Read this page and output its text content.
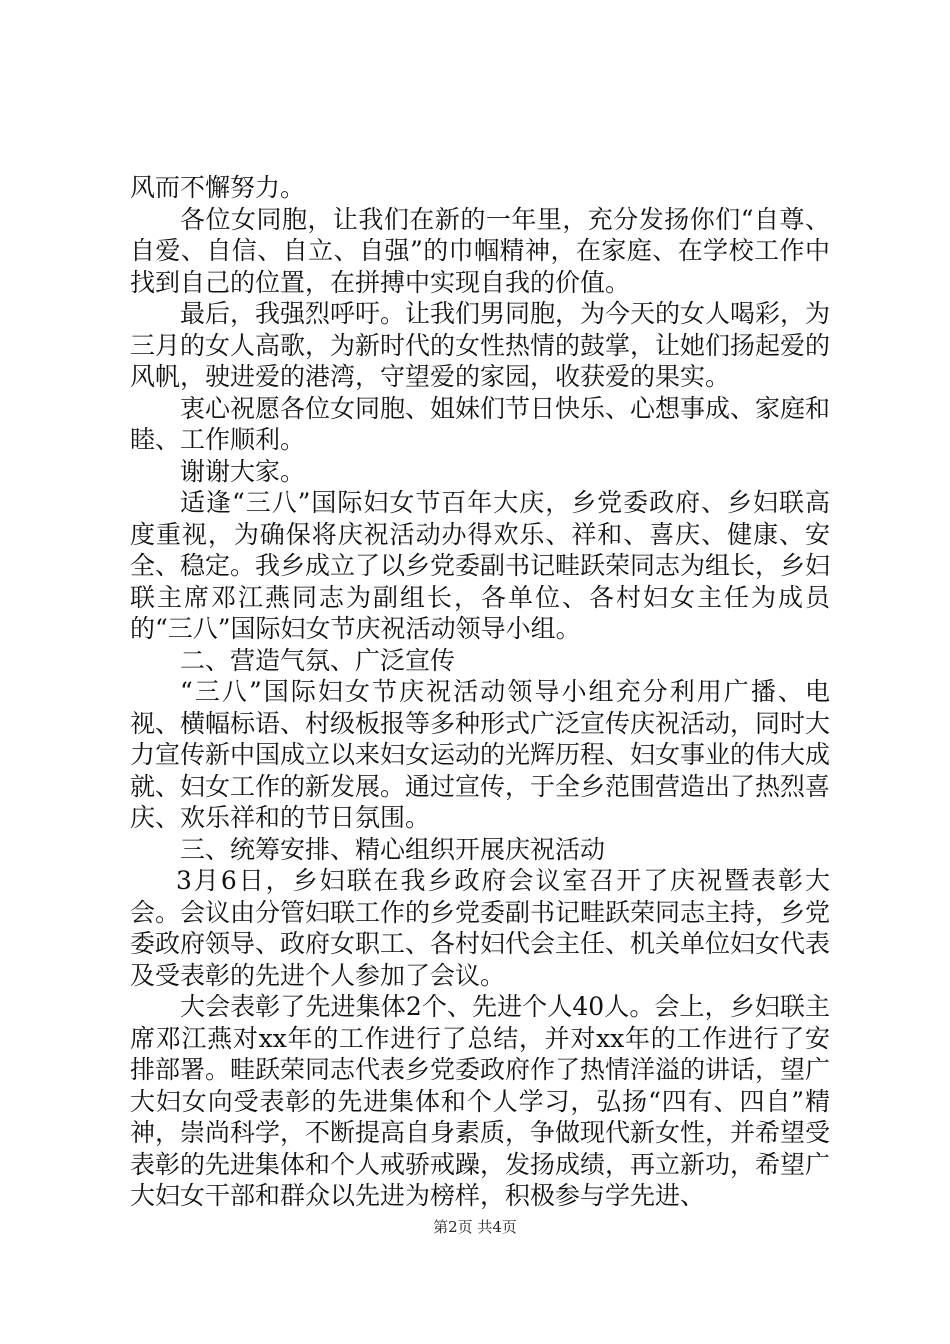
风而不懈努力。

各位女同胞，让我们在新的一年里，充分发扬你们“自尊、自爱、自信、自立、自强”的巾帼精神，在家庭、在学校工作中找到自己的位置，在拼搏中实现自我的价值。

最后，我强烈呼吁。让我们男同胞，为今天的女人喝彩，为三月的女人高歌，为新时代的女性热情的鼓掌，让她们扬起爱的风帆，驶进爱的港湾，守望爱的家园，收获爱的果实。

衷心祝愿各位女同胞、姐妹们节日快乐、心想事成、家庭和睦、工作顺利。

谢谢大家。

适逢“三八”国际妇女节百年大庆，乡党委政府、乡妇联高度重视，为确保将庆祝活动办得欢乐、祥和、喜庆、健康、安全、稳定。我乡成立了以乡党委副书记畦跃荣同志为组长，乡妇联主席邓江燕同志为副组长，各单位、各村妇女主任为成员的“三八”国际妇女节庆祝活动领导小组。

二、营造气氛、广泛宣传

“三八”国际妇女节庆祝活动领导小组充分利用广播、电视、横幅标语、村级板报等多种形式广泛宣传庆祝活动，同时大力宣传新中国成立以来妇女运动的光辉历程、妇女事业的伟大成就、妇女工作的新发展。通过宣传，于全乡范围营造出了热烈喜庆、欢乐祥和的节日氛围。

三、统筹安排、精心组织开展庆祝活动

3月6日，乡妇联在我乡政府会议室召开了庆祝暨表彰大会。会议由分管妇联工作的乡党委副书记畦跃荣同志主持，乡党委政府领导、政府女职工、各村妇代会主任、机关单位妇女代表及受表彰的先进个人参加了会议。

大会表彰了先进集体2个、先进个人40人。会上，乡妇联主席邓江燕对xx年的工作进行了总结，并对xx年的工作进行了安排部署。畦跃荣同志代表乡党委政府作了热情洋溢的讲话，望广大妇女向受表彰的先进集体和个人学习，弘扬“四有、四自”精神，崇尚科学，不断提高自身素质，争做现代新女性，并希望受表彰的先进集体和个人戒骄戒躁，发扬成绩，再立新功，希望广大妇女干部和群众以先进为榜样，积极参与学先进、

第2页 共4页
